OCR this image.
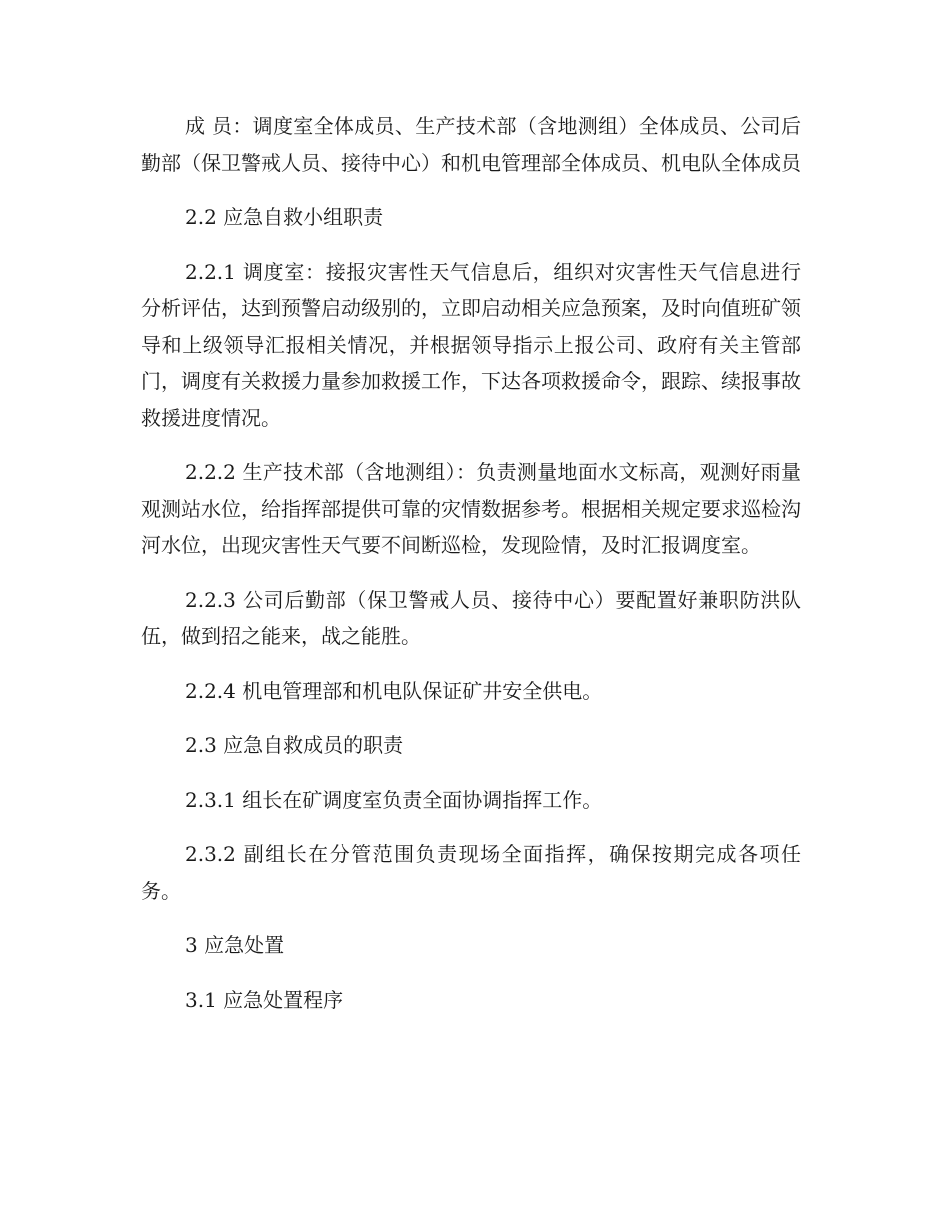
成 员：调度室全体成员、生产技术部（含地测组）全体成员、公司后勤部（保卫警戒人员、接待中心）和机电管理部全体成员、机电队全体成员

2.2 应急自救小组职责

2.2.1 调度室：接报灾害性天气信息后，组织对灾害性天气信息进行分析评估，达到预警启动级别的，立即启动相关应急预案，及时向值班矿领导和上级领导汇报相关情况，并根据领导指示上报公司、政府有关主管部门，调度有关救援力量参加救援工作，下达各项救援命令，跟踪、续报事故救援进度情况。

2.2.2 生产技术部（含地测组）：负责测量地面水文标高，观测好雨量观测站水位，给指挥部提供可靠的灾情数据参考。根据相关规定要求巡检沟河水位，出现灾害性天气要不间断巡检，发现险情，及时汇报调度室。

2.2.3 公司后勤部（保卫警戒人员、接待中心）要配置好兼职防洪队伍，做到招之能来，战之能胜。

2.2.4 机电管理部和机电队保证矿井安全供电。

2.3 应急自救成员的职责

2.3.1 组长在矿调度室负责全面协调指挥工作。

2.3.2 副组长在分管范围负责现场全面指挥，确保按期完成各项任务。

3 应急处置

3.1 应急处置程序
